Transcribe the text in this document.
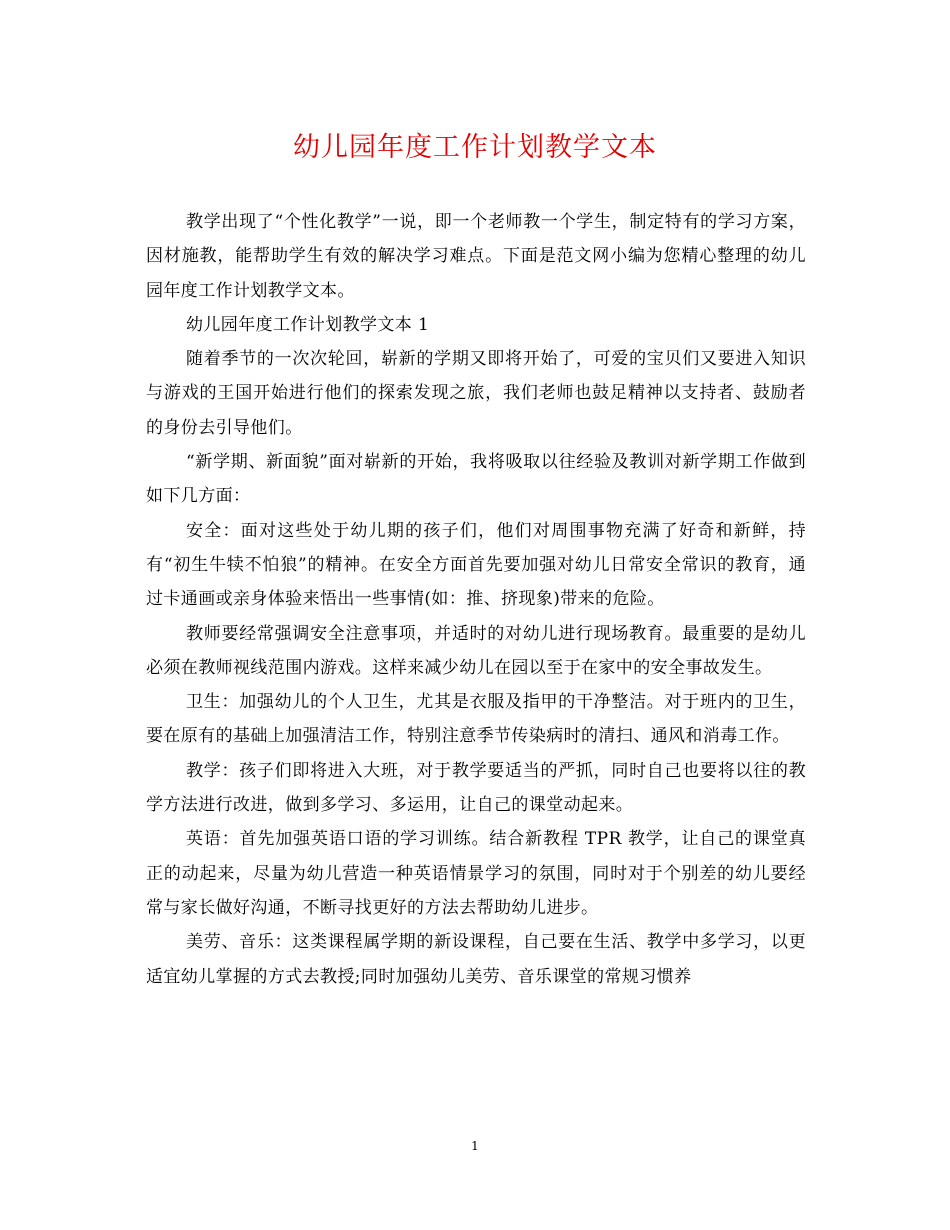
幼儿园年度工作计划教学文本

教学出现了“个性化教学”一说，即一个老师教一个学生，制定特有的学习方案，因材施教，能帮助学生有效的解决学习难点。下面是范文网小编为您精心整理的幼儿园年度工作计划教学文本。

幼儿园年度工作计划教学文本 1

随着季节的一次次轮回，崭新的学期又即将开始了，可爱的宝贝们又要进入知识与游戏的王国开始进行他们的探索发现之旅，我们老师也鼓足精神以支持者、鼓励者的身份去引导他们。

“新学期、新面貌”面对崭新的开始，我将吸取以往经验及教训对新学期工作做到如下几方面：

安全：面对这些处于幼儿期的孩子们，他们对周围事物充满了好奇和新鲜，持有“初生牛犊不怕狼”的精神。在安全方面首先要加强对幼儿日常安全常识的教育，通过卡通画或亲身体验来悟出一些事情(如：推、挤现象)带来的危险。

教师要经常强调安全注意事项，并适时的对幼儿进行现场教育。最重要的是幼儿必须在教师视线范围内游戏。这样来减少幼儿在园以至于在家中的安全事故发生。

卫生：加强幼儿的个人卫生，尤其是衣服及指甲的干净整洁。对于班内的卫生，要在原有的基础上加强清洁工作，特别注意季节传染病时的清扫、通风和消毒工作。

教学：孩子们即将进入大班，对于教学要适当的严抓，同时自己也要将以往的教学方法进行改进，做到多学习、多运用，让自己的课堂动起来。

英语：首先加强英语口语的学习训练。结合新教程 TPR 教学，让自己的课堂真正的动起来，尽量为幼儿营造一种英语情景学习的氛围，同时对于个别差的幼儿要经常与家长做好沟通，不断寻找更好的方法去帮助幼儿进步。

美劳、音乐：这类课程属学期的新设课程，自己要在生活、教学中多学习，以更适宜幼儿掌握的方式去教授;同时加强幼儿美劳、音乐课堂的常规习惯养

1
